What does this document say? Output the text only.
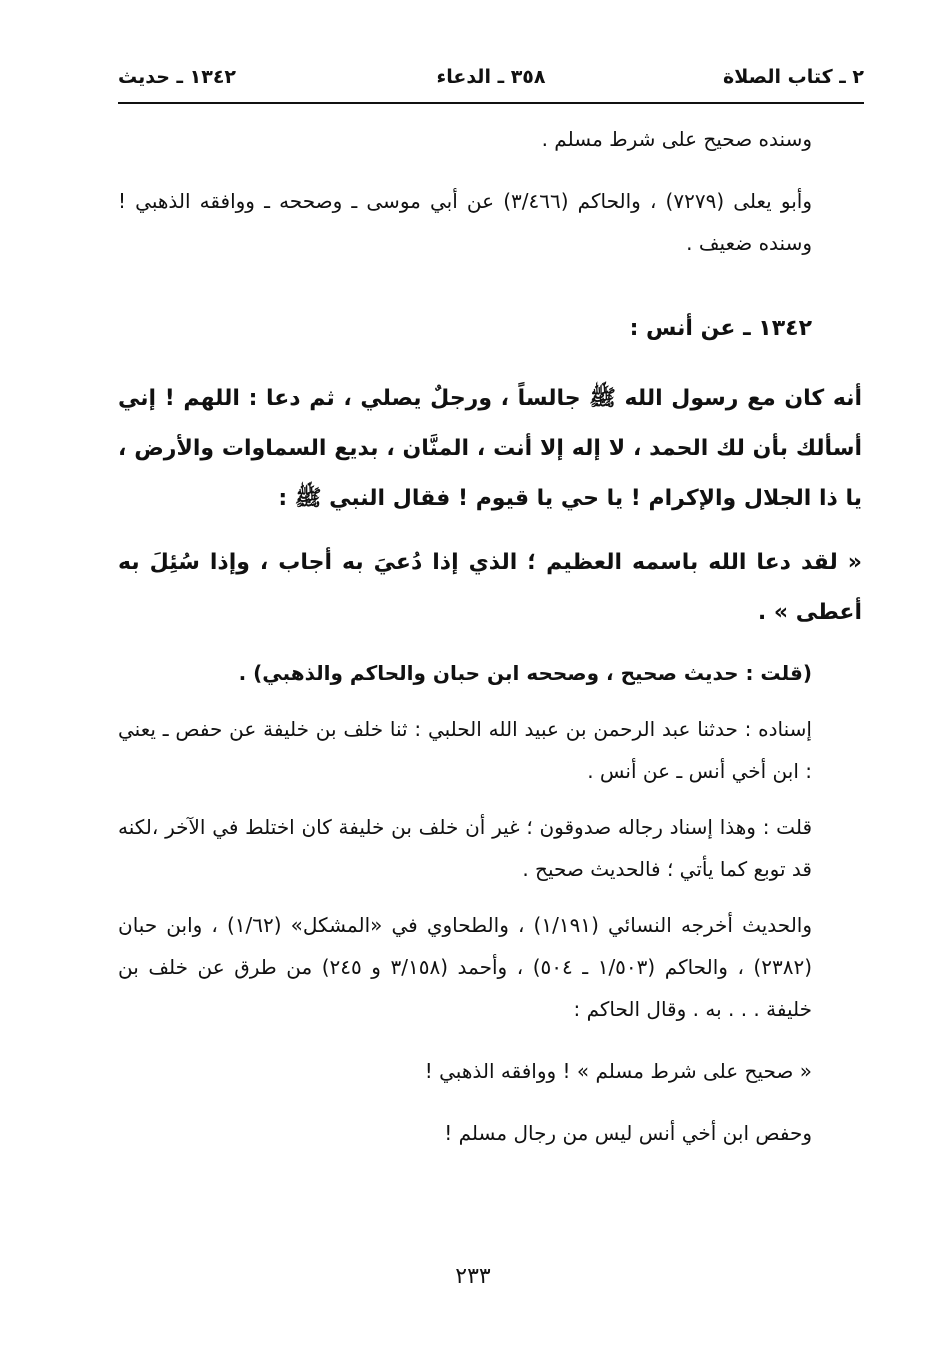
٢ ـ كتاب الصلاة
٣٥٨ ـ الدعاء
١٣٤٢ ـ حديث

وسنده صحيح على شرط مسلم .

وأبو يعلى (٧٢٧٩) ، والحاكم (٣/٤٦٦) عن أبي موسى ـ وصححه ـ ووافقه الذهبي ! وسنده ضعيف .

١٣٤٢ ـ عن أنس :

أنه كان مع رسول الله ﷺ جالساً ، ورجلٌ يصلي ، ثم دعا : اللهم ! إني أسألك بأن لك الحمد ، لا إله إلا أنت ، المنَّان ، بديع السماوات والأرض ، يا ذا الجلال والإكرام ! يا حي يا قيوم ! فقال النبي ﷺ :

« لقد دعا الله باسمه العظيم ؛ الذي إذا دُعيَ به أجاب ، وإذا سُئِلَ به أعطى » .

(قلت : حديث صحيح ، وصححه ابن حبان والحاكم والذهبي) .

إسناده : حدثنا عبد الرحمن بن عبيد الله الحلبي : ثنا خلف بن خليفة عن حفص ـ يعني : ابن أخي أنس ـ عن أنس .

قلت : وهذا إسناد رجاله صدوقون ؛ غير أن خلف بن خليفة كان اختلط في الآخر ،لكنه قد توبع كما يأتي ؛ فالحديث صحيح .

والحديث أخرجه النسائي (١/١٩١) ، والطحاوي في «المشكل» (١/٦٢) ، وابن حبان (٢٣٨٢) ، والحاكم (١/٥٠٣ ـ ٥٠٤) ، وأحمد (٣/١٥٨ و ٢٤٥) من طرق عن خلف بن خليفة . . . به . وقال الحاكم :

« صحيح على شرط مسلم » ! ووافقه الذهبي !

وحفص ابن أخي أنس ليس من رجال مسلم !

٢٣٣
